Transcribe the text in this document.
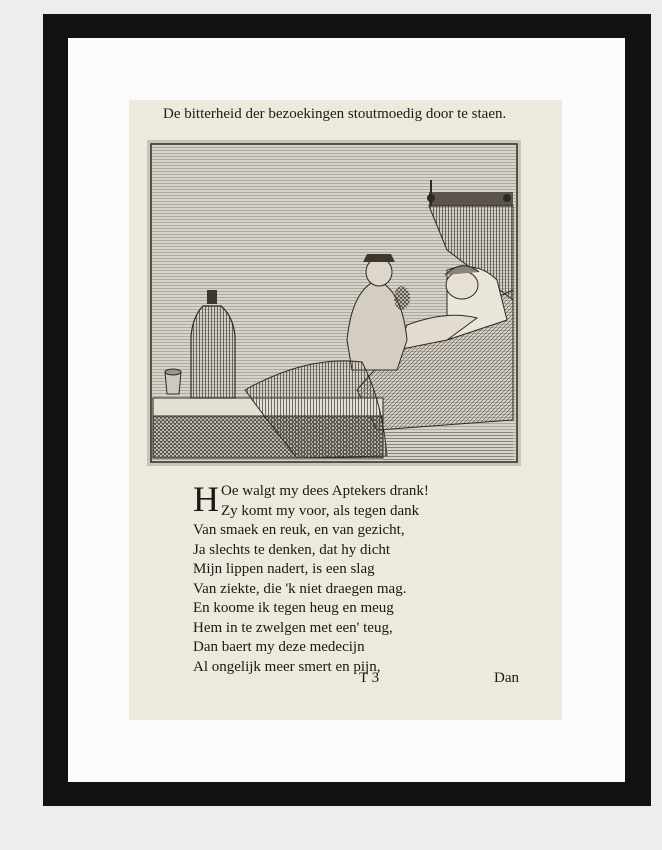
De bitterheid der bezoekingen stoutmoedig door te staen.
H Oe walgt my dees Aptekers drank!
Zy komt my voor, als tegen dank
Van smaek en reuk, en van gezicht,
Ja slechts te denken, dat hy dicht
Mijn lippen nadert, is een slag
Van ziekte, die 'k niet draegen mag.
En koome ik tegen heug en meug
Hem in te zwelgen met een' teug,
Dan baert my deze medecijn
Al ongelijk meer smert en pijn,
T 3	Dan
